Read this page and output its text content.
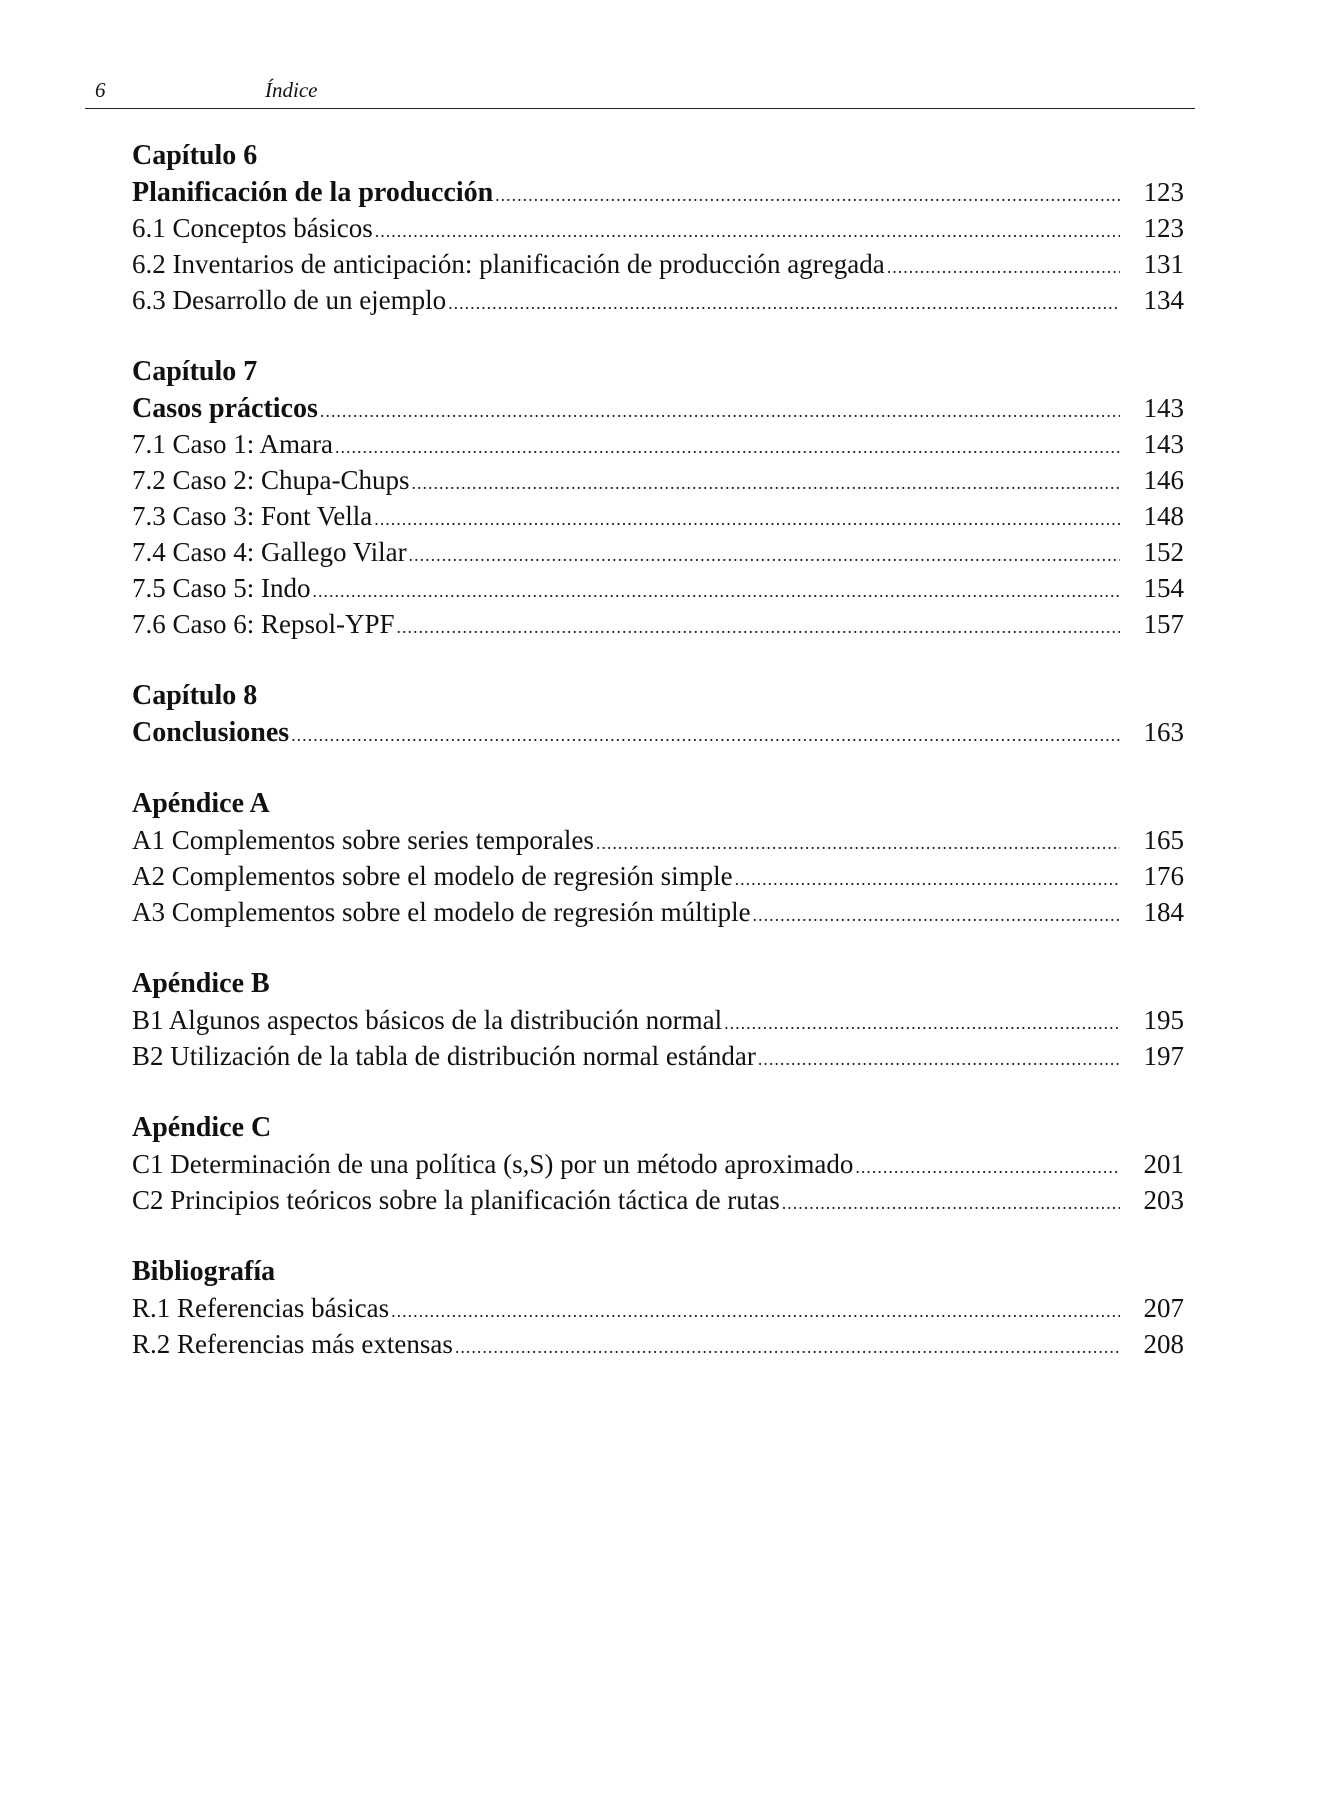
6	Índice
Capítulo 6
Planificación de la producción .....	123
6.1 Conceptos básicos .....	123
6.2 Inventarios de anticipación: planificación de producción agregada .....	131
6.3 Desarrollo de un ejemplo .....	134
Capítulo 7
Casos prácticos .....	143
7.1 Caso 1: Amara .....	143
7.2 Caso 2: Chupa-Chups .....	146
7.3 Caso 3: Font Vella .....	148
7.4 Caso 4: Gallego Vilar .....	152
7.5 Caso 5: Indo .....	154
7.6 Caso 6: Repsol-YPF .....	157
Capítulo 8
Conclusiones .....	163
Apéndice A
A1 Complementos sobre series temporales .....	165
A2 Complementos sobre el modelo de regresión simple .....	176
A3 Complementos sobre el modelo de regresión múltiple .....	184
Apéndice B
B1 Algunos aspectos básicos de la distribución normal .....	195
B2 Utilización de la tabla de distribución normal estándar .....	197
Apéndice C
C1 Determinación de una política (s,S) por un método aproximado .....	201
C2 Principios teóricos sobre la planificación táctica de rutas .....	203
Bibliografía
R.1 Referencias básicas .....	207
R.2 Referencias más extensas .....	208
